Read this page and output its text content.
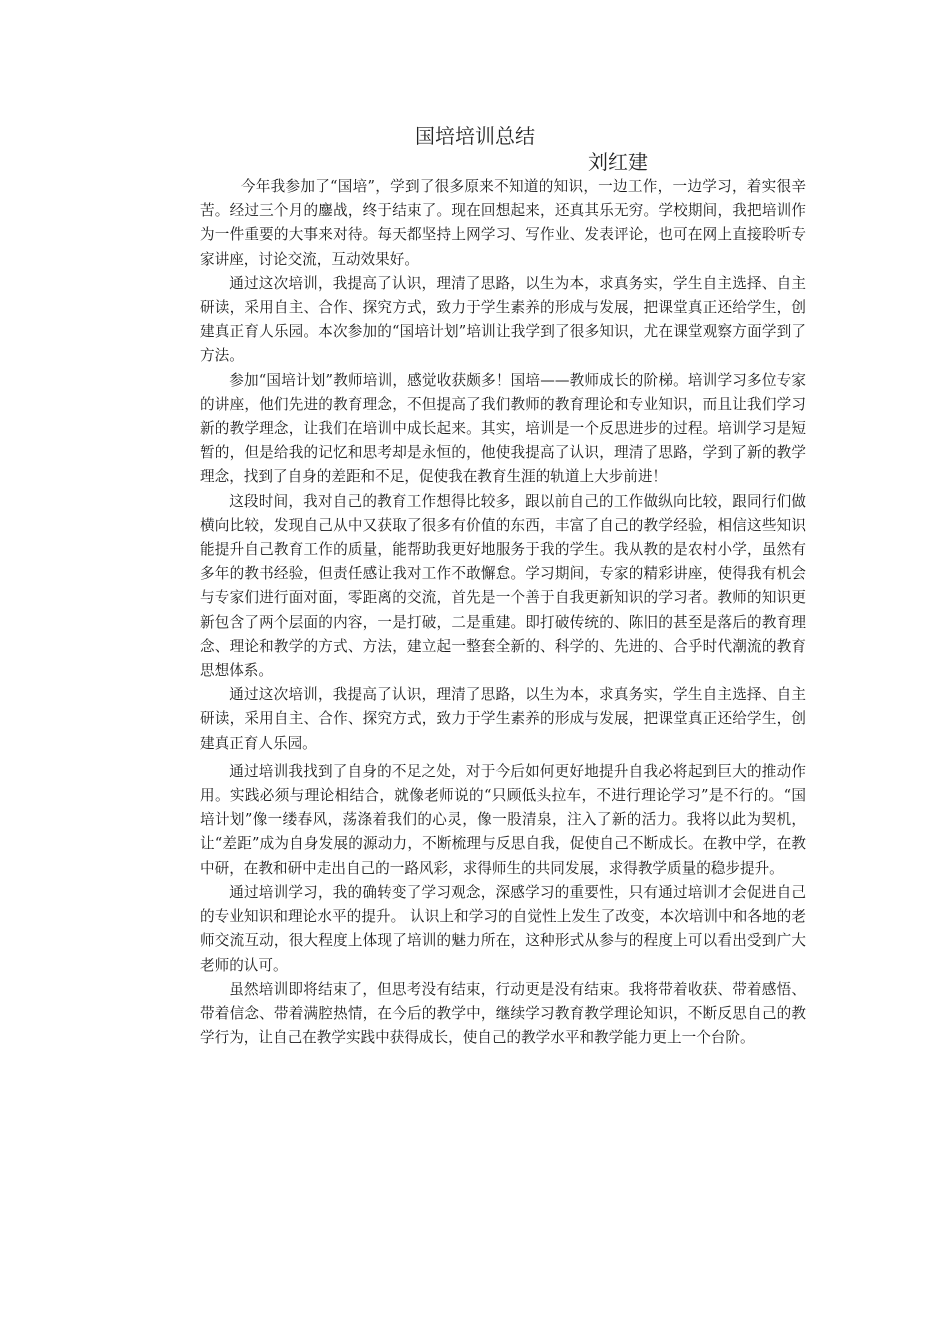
国培培训总结
刘红建

今年我参加了“国培”，学到了很多原来不知道的知识，一边工作，一边学习，着实很辛苦。经过三个月的鏖战，终于结束了。现在回想起来，还真其乐无穷。学校期间，我把培训作为一件重要的大事来对待。每天都坚持上网学习、写作业、发表评论，也可在网上直接聆听专家讲座，讨论交流，互动效果好。

通过这次培训，我提高了认识，理清了思路，以生为本，求真务实，学生自主选择、自主研读，采用自主、合作、探究方式，致力于学生素养的形成与发展，把课堂真正还给学生，创建真正育人乐园。本次参加的“国培计划”培训让我学到了很多知识，尤在课堂观察方面学到了方法。

参加“国培计划”教师培训，感觉收获颇多！国培——教师成长的阶梯。培训学习多位专家的讲座，他们先进的教育理念，不但提高了我们教师的教育理论和专业知识，而且让我们学习新的教学理念，让我们在培训中成长起来。其实，培训是一个反思进步的过程。培训学习是短暂的，但是给我的记忆和思考却是永恒的，他使我提高了认识，理清了思路，学到了新的教学理念，找到了自身的差距和不足，促使我在教育生涯的轨道上大步前进！

这段时间，我对自己的教育工作想得比较多，跟以前自己的工作做纵向比较，跟同行们做横向比较，发现自己从中又获取了很多有价值的东西，丰富了自己的教学经验，相信这些知识能提升自己教育工作的质量，能帮助我更好地服务于我的学生。我从教的是农村小学，虽然有多年的教书经验，但责任感让我对工作不敢懈怠。学习期间，专家的精彩讲座，使得我有机会与专家们进行面对面，零距离的交流，首先是一个善于自我更新知识的学习者。教师的知识更新包含了两个层面的内容，一是打破，二是重建。即打破传统的、陈旧的甚至是落后的教育理念、理论和教学的方式、方法，建立起一整套全新的、科学的、先进的、合乎时代潮流的教育思想体系。

通过这次培训，我提高了认识，理清了思路，以生为本，求真务实，学生自主选择、自主研读，采用自主、合作、探究方式，致力于学生素养的形成与发展，把课堂真正还给学生，创建真正育人乐园。

通过培训我找到了自身的不足之处，对于今后如何更好地提升自我必将起到巨大的推动作用。实践必须与理论相结合，就像老师说的“只顾低头拉车，不进行理论学习”是不行的。“国培计划”像一缕春风，荡涤着我们的心灵，像一股清泉，注入了新的活力。我将以此为契机，让“差距”成为自身发展的源动力，不断梳理与反思自我，促使自己不断成长。在教中学，在教中研，在教和研中走出自己的一路风彩，求得师生的共同发展，求得教学质量的稳步提升。

通过培训学习，我的确转变了学习观念，深感学习的重要性，只有通过培训才会促进自己的专业知识和理论水平的提升。 认识上和学习的自觉性上发生了改变，本次培训中和各地的老师交流互动，很大程度上体现了培训的魅力所在，这种形式从参与的程度上可以看出受到广大老师的认可。

虽然培训即将结束了，但思考没有结束，行动更是没有结束。我将带着收获、带着感悟、带着信念、带着满腔热情，在今后的教学中，继续学习教育教学理论知识，不断反思自己的教学行为，让自己在教学实践中获得成长，使自己的教学水平和教学能力更上一个台阶。
